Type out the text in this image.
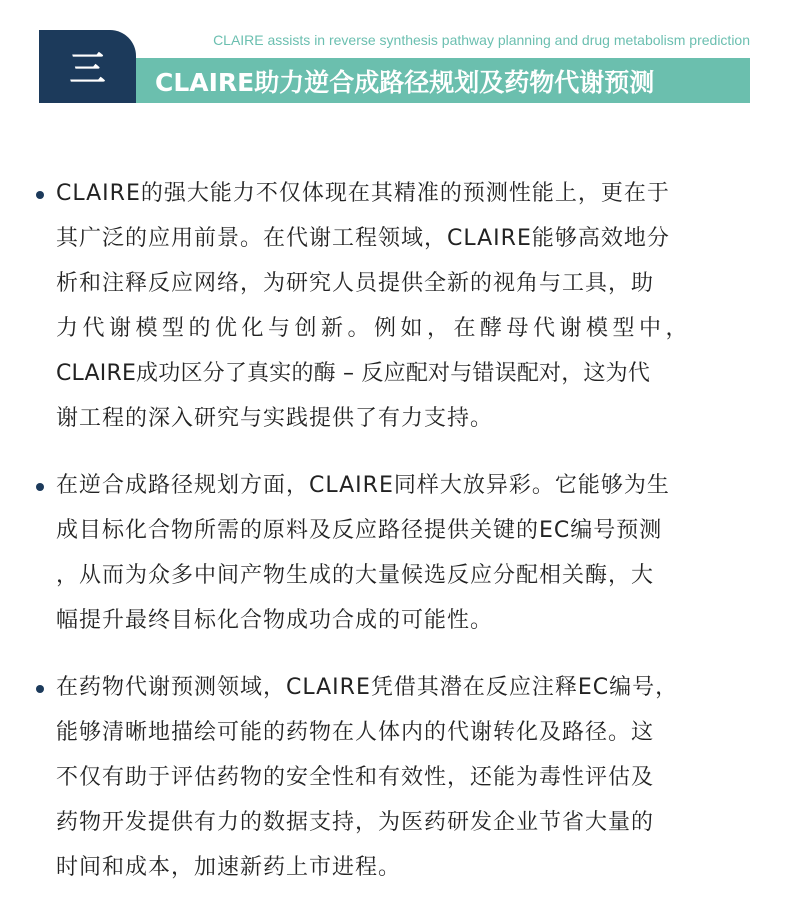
三
CLAIRE assists in reverse synthesis pathway planning and drug metabolism prediction
CLAIRE助力逆合成路径规划及药物代谢预测
CLAIRE的强大能力不仅体现在其精准的预测性能上，更在于
其广泛的应用前景。在代谢工程领域，CLAIRE能够高效地分
析和注释反应网络，为研究人员提供全新的视角与工具，助
力代谢模型的优化与创新。例如，在酵母代谢模型中，
CLAIRE成功区分了真实的酶 – 反应配对与错误配对，这为代
谢工程的深入研究与实践提供了有力支持。
在逆合成路径规划方面，CLAIRE同样大放异彩。它能够为生
成目标化合物所需的原料及反应路径提供关键的EC编号预测
，从而为众多中间产物生成的大量候选反应分配相关酶，大
幅提升最终目标化合物成功合成的可能性。
在药物代谢预测领域，CLAIRE凭借其潜在反应注释EC编号，
能够清晰地描绘可能的药物在人体内的代谢转化及路径。这
不仅有助于评估药物的安全性和有效性，还能为毒性评估及
药物开发提供有力的数据支持，为医药研发企业节省大量的
时间和成本，加速新药上市进程。
